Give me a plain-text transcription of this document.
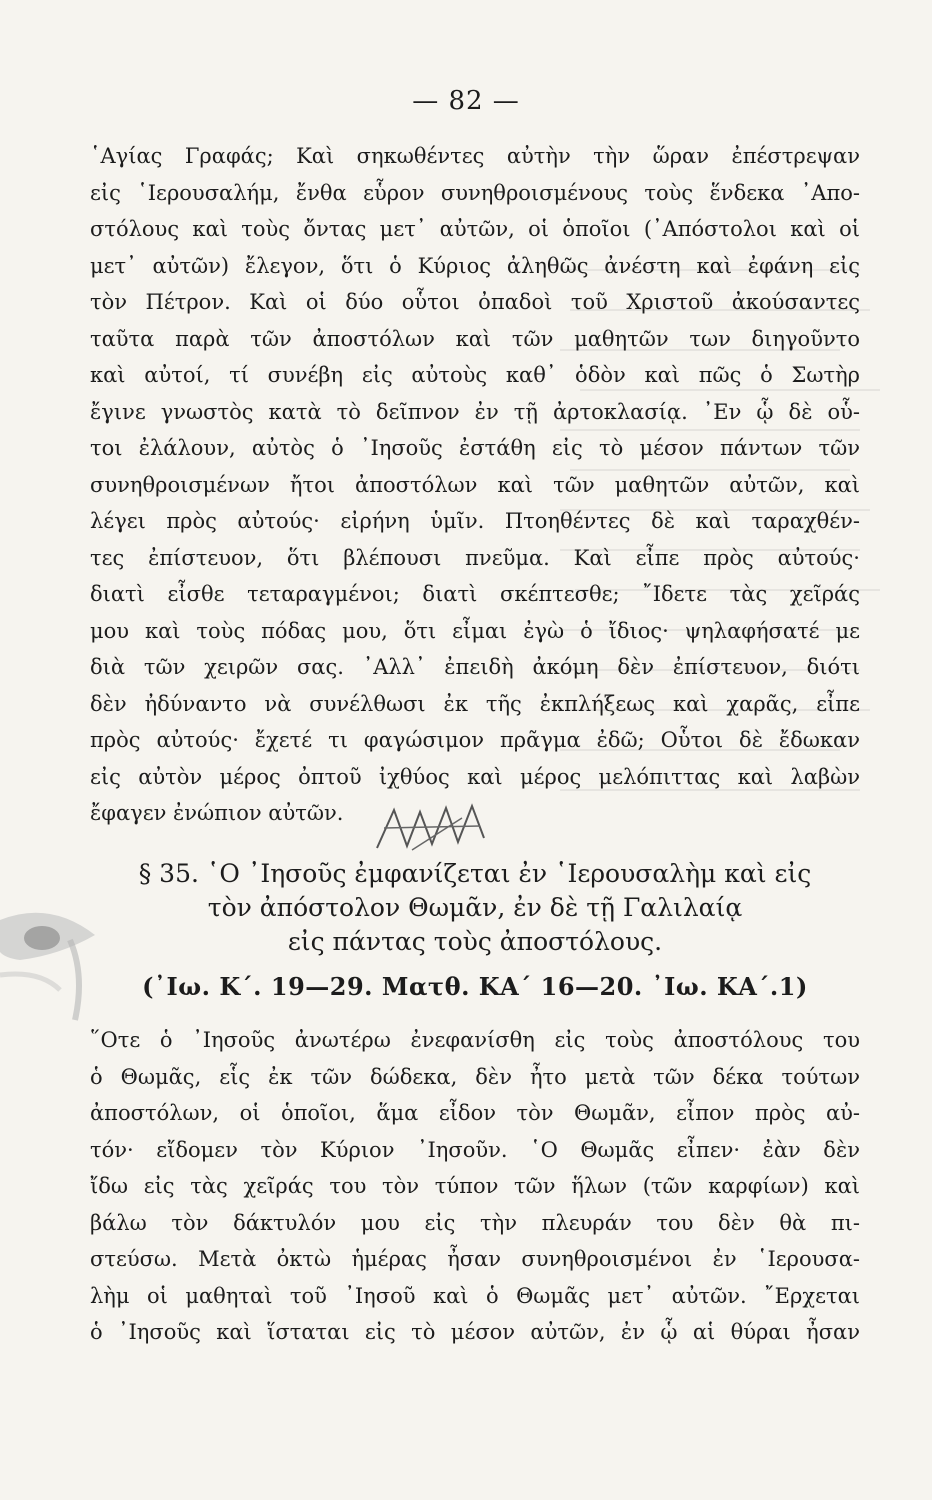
— 82 —
῾Αγίας Γραφάς; Καὶ σηκωθέντες αὐτὴν τὴν ὥραν ἐπέστρεψαν
εἰς ῾Ιερουσαλήμ, ἔνθα εὗρον συνηθροισμένους τοὺς ἕνδεκα ᾿Απο-
στόλους καὶ τοὺς ὄντας μετ᾿ αὐτῶν, οἱ ὁποῖοι (᾿Απόστολοι καὶ οἱ
μετ᾿ αὐτῶν) ἔλεγον, ὅτι ὁ Κύριος ἀληθῶς ἀνέστη καὶ ἐφάνη εἰς
τὸν Πέτρον. Καὶ οἱ δύο οὗτοι ὀπαδοὶ τοῦ Χριστοῦ ἀκούσαντες
ταῦτα παρὰ τῶν ἀποστόλων καὶ τῶν μαθητῶν των διηγοῦντο
καὶ αὐτοί, τί συνέβη εἰς αὐτοὺς καθ᾿ ὁδὸν καὶ πῶς ὁ Σωτὴρ
ἔγινε γνωστὸς κατὰ τὸ δεῖπνον ἐν τῇ ἀρτοκλασίᾳ. ᾿Εν ᾧ δὲ οὗ-
τοι ἐλάλουν, αὐτὸς ὁ ᾿Ιησοῦς ἐστάθη εἰς τὸ μέσον πάντων τῶν
συνηθροισμένων ἤτοι ἀποστόλων καὶ τῶν μαθητῶν αὐτῶν, καὶ
λέγει πρὸς αὐτούς· εἰρήνη ὑμῖν. Πτοηθέντες δὲ καὶ ταραχθέν-
τες ἐπίστευον, ὅτι βλέπουσι πνεῦμα. Καὶ εἶπε πρὸς αὐτούς·
διατὶ εἶσθε τεταραγμένοι; διατὶ σκέπτεσθε; ῎Ιδετε τὰς χεῖράς
μου καὶ τοὺς πόδας μου, ὅτι εἶμαι ἐγὼ ὁ ἴδιος· ψηλαφήσατέ με
διὰ τῶν χειρῶν σας. ᾿Αλλ᾿ ἐπειδὴ ἀκόμη δὲν ἐπίστευον, διότι
δὲν ἠδύναντο νὰ συνέλθωσι ἐκ τῆς ἐκπλήξεως καὶ χαρᾶς, εἶπε
πρὸς αὐτούς· ἔχετέ τι φαγώσιμον πρᾶγμα ἐδῶ; Οὗτοι δὲ ἔδωκαν
εἰς αὐτὸν μέρος ὀπτοῦ ἰχθύος καὶ μέρος μελόπιττας καὶ λαβὼν
ἔφαγεν ἐνώπιον αὐτῶν.
§ 35. ῾Ο ᾿Ιησοῦς ἐμφανίζεται ἐν ῾Ιερουσαλὴμ καὶ εἰς
τὸν ἀπόστολον Θωμᾶν, ἐν δὲ τῇ Γαλιλαίᾳ
εἰς πάντας τοὺς ἀποστόλους.
(᾿Ιω. Κ΄. 19—29. Ματθ. ΚΑ΄ 16—20. ᾿Ιω. ΚΑ΄.1)
῞Οτε ὁ ᾿Ιησοῦς ἀνωτέρω ἐνεφανίσθη εἰς τοὺς ἀποστόλους του
ὁ Θωμᾶς, εἷς ἐκ τῶν δώδεκα, δὲν ἦτο μετὰ τῶν δέκα τούτων
ἀποστόλων, οἱ ὁποῖοι, ἅμα εἶδον τὸν Θωμᾶν, εἶπον πρὸς αὐ-
τόν· εἴδομεν τὸν Κύριον ᾿Ιησοῦν. ῾Ο Θωμᾶς εἶπεν· ἐὰν δὲν
ἴδω εἰς τὰς χεῖράς του τὸν τύπον τῶν ἥλων (τῶν καρφίων) καὶ
βάλω τὸν δάκτυλόν μου εἰς τὴν πλευράν του δὲν θὰ πι-
στεύσω. Μετὰ ὀκτὼ ἡμέρας ἦσαν συνηθροισμένοι ἐν ῾Ιερουσα-
λὴμ οἱ μαθηταὶ τοῦ ᾿Ιησοῦ καὶ ὁ Θωμᾶς μετ᾿ αὐτῶν. ῎Ερχεται
ὁ ᾿Ιησοῦς καὶ ἵσταται εἰς τὸ μέσον αὐτῶν, ἐν ᾧ αἱ θύραι ἦσαν
